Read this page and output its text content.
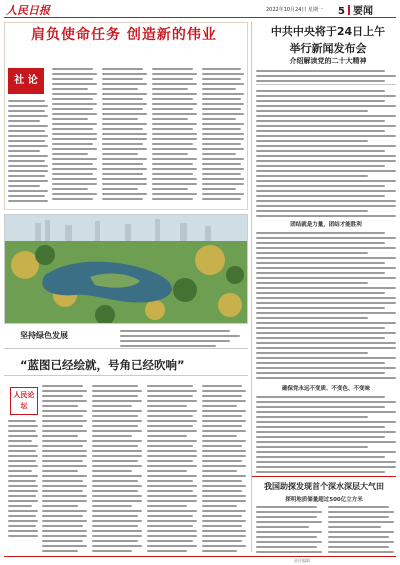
人民日报	2022年10月24日 星期一 5 要闻
肩负使命任务 创造新的伟业
社 论
坚持绿色发展
“蓝图已经绘就，号角已经吹响”
人民论坛
中共中央将于24日上午
举行新闻发布会
介绍解读党的二十大精神
团结就是力量，团结才能胜利
确保党永远不变质、不变色、不变味
我国助探发现首个深水深层大气田
探明地质储量超过500亿立方米
责任编辑
